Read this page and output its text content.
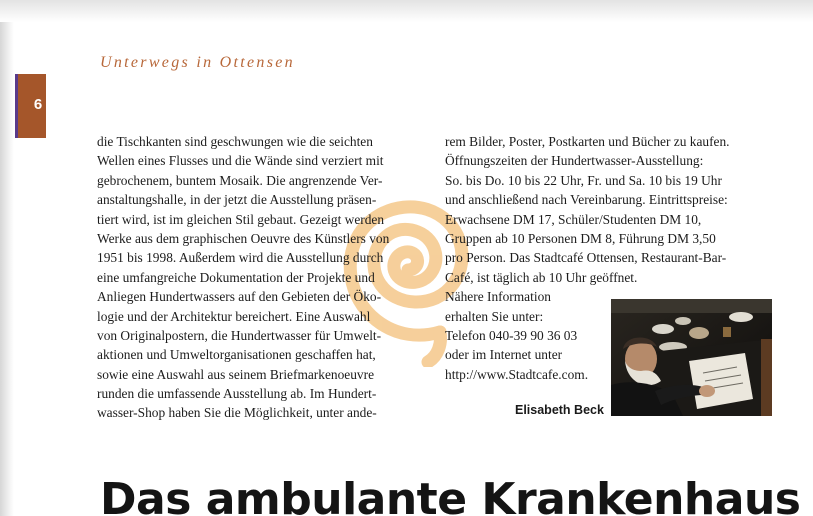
Unterwegs in Ottensen
6
die Tischkanten sind geschwungen wie die seichten
Wellen eines Flusses und die Wände sind verziert mit
gebrochenem, buntem Mosaik. Die angrenzende Ver-
anstaltungshalle, in der jetzt die Ausstellung präsen-
tiert wird, ist im gleichen Stil gebaut. Gezeigt werden
Werke aus dem graphischen Oeuvre des Künstlers von
1951 bis 1998. Außerdem wird die Ausstellung durch
eine umfangreiche Dokumentation der Projekte und
Anliegen Hundertwassers auf den Gebieten der Öko-
logie und der Architektur bereichert. Eine Auswahl
von Originalpostern, die Hundertwasser für Umwelt-
aktionen und Umweltorganisationen geschaffen hat,
sowie eine Auswahl aus seinem Briefmarkenoeuvre
runden die umfassende Ausstellung ab. Im Hundert-
wasser-Shop haben Sie die Möglichkeit, unter ande-
rem Bilder, Poster, Postkarten und Bücher zu kaufen.
Öffnungszeiten der Hundertwasser-Ausstellung:
So. bis Do. 10 bis 22 Uhr, Fr. und Sa. 10 bis 19 Uhr
und anschließend nach Vereinbarung. Eintrittspreise:
Erwachsene DM 17, Schüler/Studenten DM 10,
Gruppen ab 10 Personen DM 8, Führung DM 3,50
pro Person. Das Stadtcafé Ottensen, Restaurant-Bar-
Café, ist täglich ab 10 Uhr geöffnet.
Nähere Information
erhalten Sie unter:
Telefon 040-39 90 36 03
oder im Internet unter
http://www.Stadtcafe.com.
Elisabeth Beck
Das ambulante Krankenhaus
